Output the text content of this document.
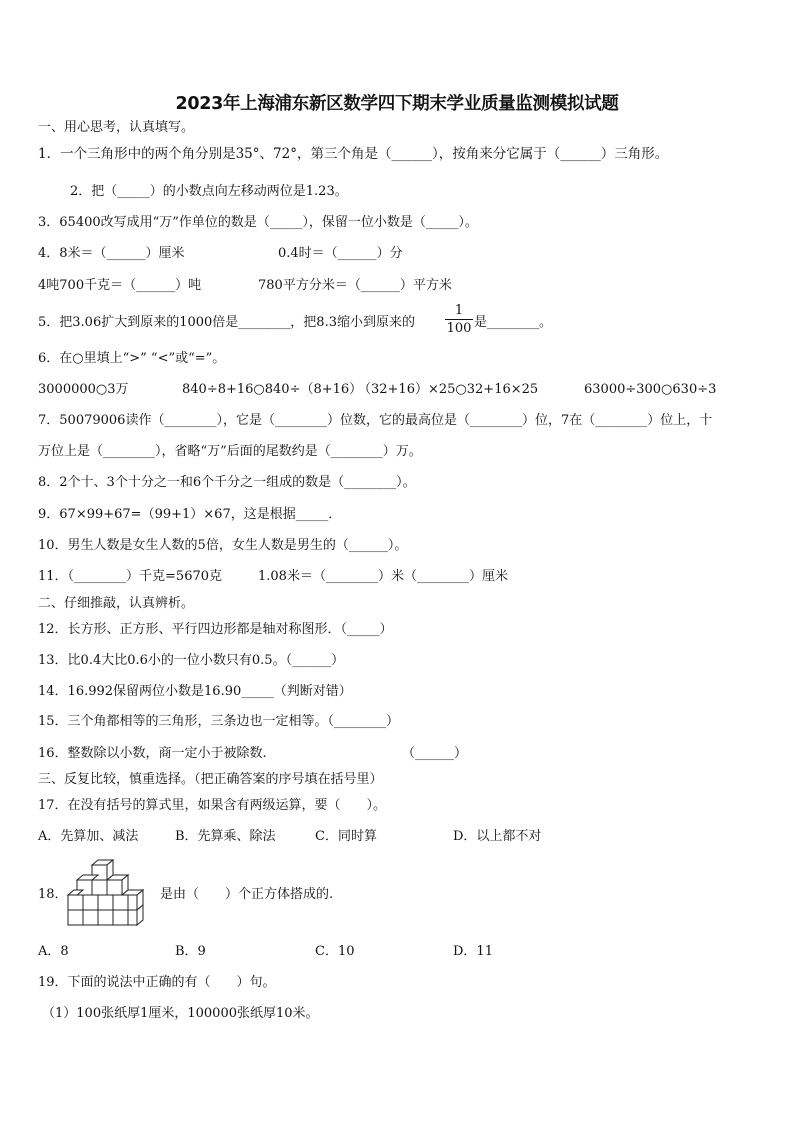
2023年上海浦东新区数学四下期末学业质量监测模拟试题
一、用心思考，认真填写。
1．一个三角形中的两个角分别是35°、72°，第三个角是（______），按角来分它属于（______）三角形。
2．把（_____）的小数点向左移动两位是1.23。
3．65400改写成用“万”作单位的数是（_____），保留一位小数是（_____）。
4．8米＝（______）厘米	0.4时＝（______）分
4吨700千克＝（______）吨	780平方分米＝（______）平方米
5．把3.06扩大到原来的1000倍是________，把8.3缩小到原来的
1
100 是________。
6．在○里填上“>” “<”或“=”。
3000000○3万	840÷8+16○840÷（8+16）
（32+16）×25○32+16×25	63000÷300○630÷3
7．50079006读作（________），它是（________）位数，它的最高位是（________）位，7在（________）位上，十
万位上是（________），省略“万”后面的尾数约是（________）万。
8．2个十、3个十分之一和6个千分之一组成的数是（________）。
9．67×99+67=（99+1）×67，这是根据_____．
10．男生人数是女生人数的5倍，女生人数是男生的（______）。
11．（________）千克=5670克	1.08米＝（________）米（________）厘米
二、仔细推敲，认真辨析。
12．长方形、正方形、平行四边形都是轴对称图形．（_____）
13．比0.4大比0.6小的一位小数只有0.5。（______）
14．16.992保留两位小数是16.90_____（判断对错）
15．三个角都相等的三角形，三条边也一定相等。（________）
16．整数除以小数，商一定小于被除数.	（______）
三、反复比较，慎重选择。（把正确答案的序号填在括号里）
17．在没有括号的算式里，如果含有两级运算，要（　　）。
A．先算加、减法	B．先算乘、除法	C．同时算	D．以上都不对
18．	是由（　　）个正方体搭成的.
A．8	B．9	C．10	D．11
19．下面的说法中正确的有（　　）句。
（1）100张纸厚1厘米，100000张纸厚10米。
